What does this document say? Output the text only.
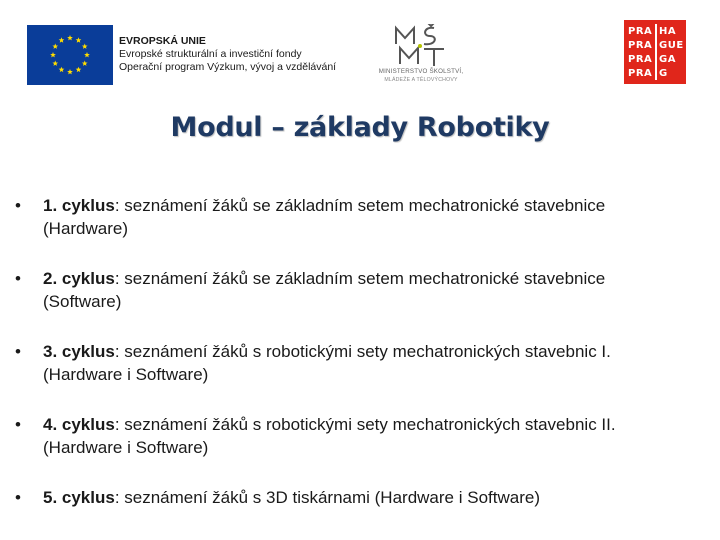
EVROPSKÁ UNIE
Evropské strukturální a investiční fondy
Operační program Výzkum, vývoj a vzdělávání	MINISTERSTVO ŠKOLSTVÍ,
MLÁDEŽE A TĚLOVÝCHOVY
PRA HA
PRA GUE
PRA GA
PRA G
Modul – základy Robotiky
• 1. cyklus: seznámení žáků se základním setem mechatronické stavebnice
(Hardware)
• 2. cyklus: seznámení žáků se základním setem mechatronické stavebnice
(Software)
• 3. cyklus: seznámení žáků s robotickými sety mechatronických stavebnic I.
(Hardware i Software)
• 4. cyklus: seznámení žáků s robotickými sety mechatronických stavebnic II.
(Hardware i Software)
• 5. cyklus: seznámení žáků s 3D tiskárnami (Hardware i Software)
